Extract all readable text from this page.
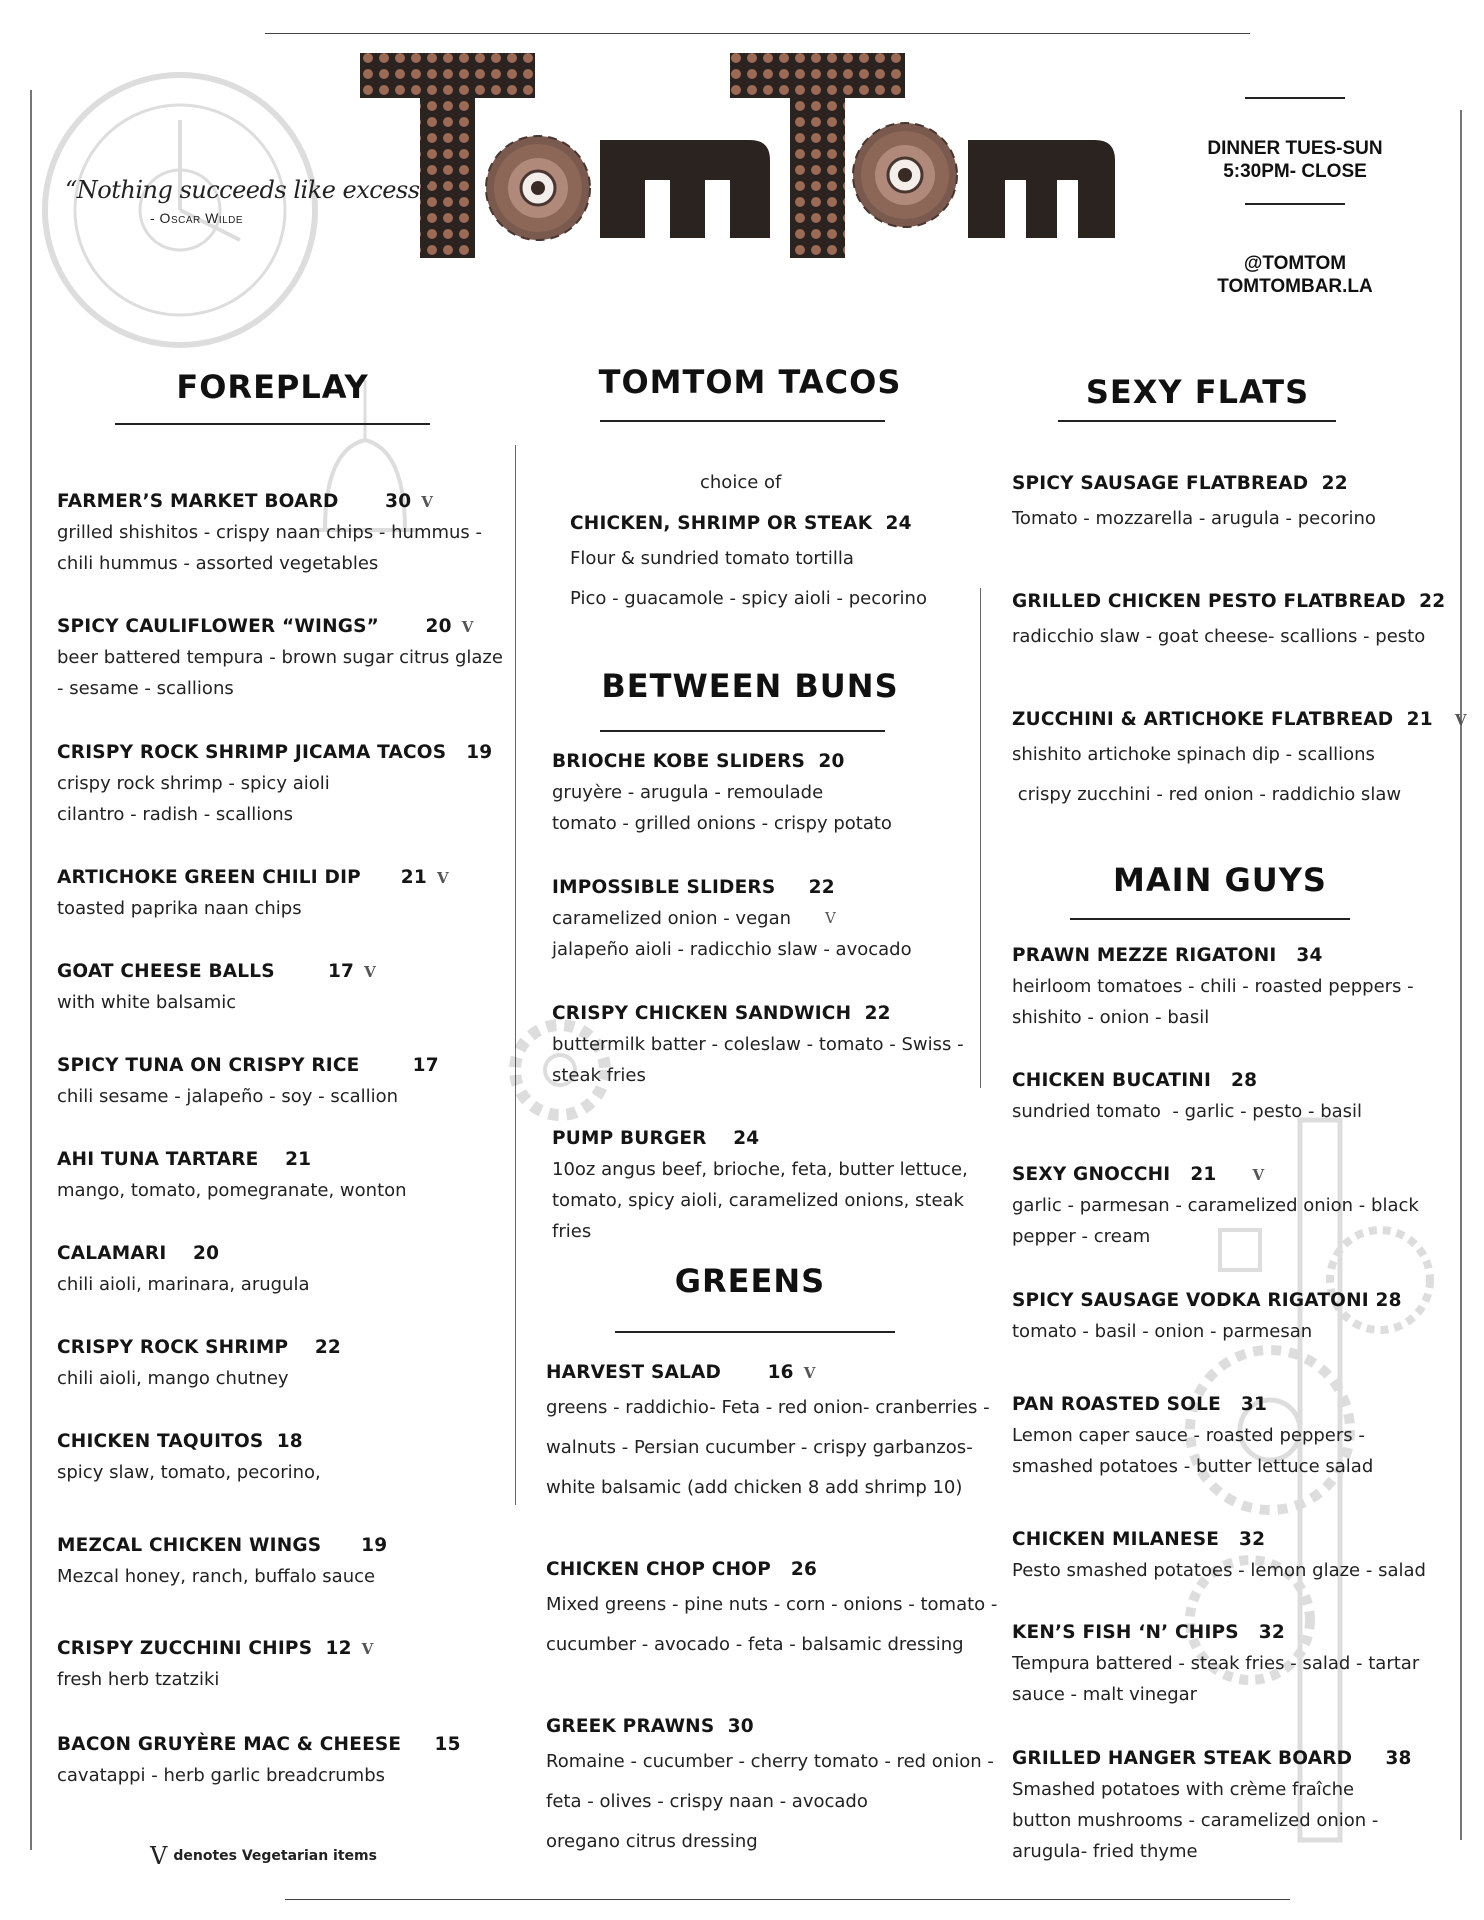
“Nothing succeeds like excess”
- Oscar Wilde
DINNER TUES-SUN
5:30PM- CLOSE
@TOMTOM
TOMTOMBAR.LA
FOREPLAY	TOMTOM TACOS	SEXY FLATS
BETWEEN BUNS
GREENS
MAIN GUYS
FARMER’S MARKET BOARD	30 $^V$
grilled shishitos - crispy naan chips - hummus -
chili hummus - assorted vegetables
SPICY CAULIFLOWER “WINGS”	20 $^V$
beer battered tempura - brown sugar citrus glaze
- sesame - scallions
CRISPY ROCK SHRIMP JICAMA TACOS 19
crispy rock shrimp - spicy aioli
cilantro - radish - scallions
ARTICHOKE GREEN CHILI DIP 21 $^V$
toasted paprika naan chips
GOAT CHEESE BALLS	17 $^V$
with white balsamic
SPICY TUNA ON CRISPY RICE	17
chili sesame - jalapeño - soy - scallion
AHI TUNA TARTARE 21
mango, tomato, pomegranate, wonton
CALAMARI 20
chili aioli, marinara, arugula
CRISPY ROCK SHRIMP 22
chili aioli, mango chutney
CHICKEN TAQUITOS 18
spicy slaw, tomato, pecorino,
MEZCAL CHICKEN WINGS 19
Mezcal honey, ranch, buffalo sauce
CRISPY ZUCCHINI CHIPS 12 $^V$
fresh herb tzatziki
BACON GRUYÈRE MAC & CHEESE 15
cavatappi - herb garlic breadcrumbs
choice of
CHICKEN, SHRIMP OR STEAK 24
Flour & sundried tomato tortilla
Pico - guacamole - spicy aioli - pecorino
BRIOCHE KOBE SLIDERS 20
gruyère - arugula - remoulade
tomato - grilled onions - crispy potato
IMPOSSIBLE SLIDERS 22
caramelized onion - vegan $^V$
jalapeño aioli - radicchio slaw - avocado
CRISPY CHICKEN SANDWICH 22
buttermilk batter - coleslaw - tomato - Swiss -
steak fries
PUMP BURGER 24
10oz angus beef, brioche, feta, butter lettuce,
tomato, spicy aioli, caramelized onions, steak
fries
HARVEST SALAD	16 $^V$
greens - raddichio- Feta - red onion- cranberries -
walnuts - Persian cucumber - crispy garbanzos-
white balsamic (add chicken 8 add shrimp 10)
CHICKEN CHOP CHOP 26
Mixed greens - pine nuts - corn - onions - tomato -
cucumber - avocado - feta - balsamic dressing
GREEK PRAWNS 30
Romaine - cucumber - cherry tomato - red onion -
feta - olives - crispy naan - avocado
oregano citrus dressing
SPICY SAUSAGE FLATBREAD 22
Tomato - mozzarella - arugula - pecorino
GRILLED CHICKEN PESTO FLATBREAD 22
radicchio slaw - goat cheese- scallions - pesto
ZUCCHINI & ARTICHOKE FLATBREAD 21 $^V$
shishito artichoke spinach dip - scallions
crispy zucchini - red onion - raddichio slaw
PRAWN MEZZE RIGATONI 34
heirloom tomatoes - chili - roasted peppers -
shishito - onion - basil
CHICKEN BUCATINI 28
sundried tomato  - garlic - pesto - basil
SEXY GNOCCHI 21 $^V$
garlic - parmesan - caramelized onion - black
pepper - cream
SPICY SAUSAGE VODKA RIGATONI 28
tomato - basil - onion - parmesan
PAN ROASTED SOLE 31
Lemon caper sauce - roasted peppers -
smashed potatoes - butter lettuce salad
CHICKEN MILANESE 32
Pesto smashed potatoes - lemon glaze - salad
KEN’S FISH ‘N’ CHIPS 32
Tempura battered - steak fries - salad - tartar
sauce - malt vinegar
GRILLED HANGER STEAK BOARD 38
Smashed potatoes with crème fraîche
button mushrooms - caramelized onion -
arugula- fried thyme
Vdenotes Vegetarian items
